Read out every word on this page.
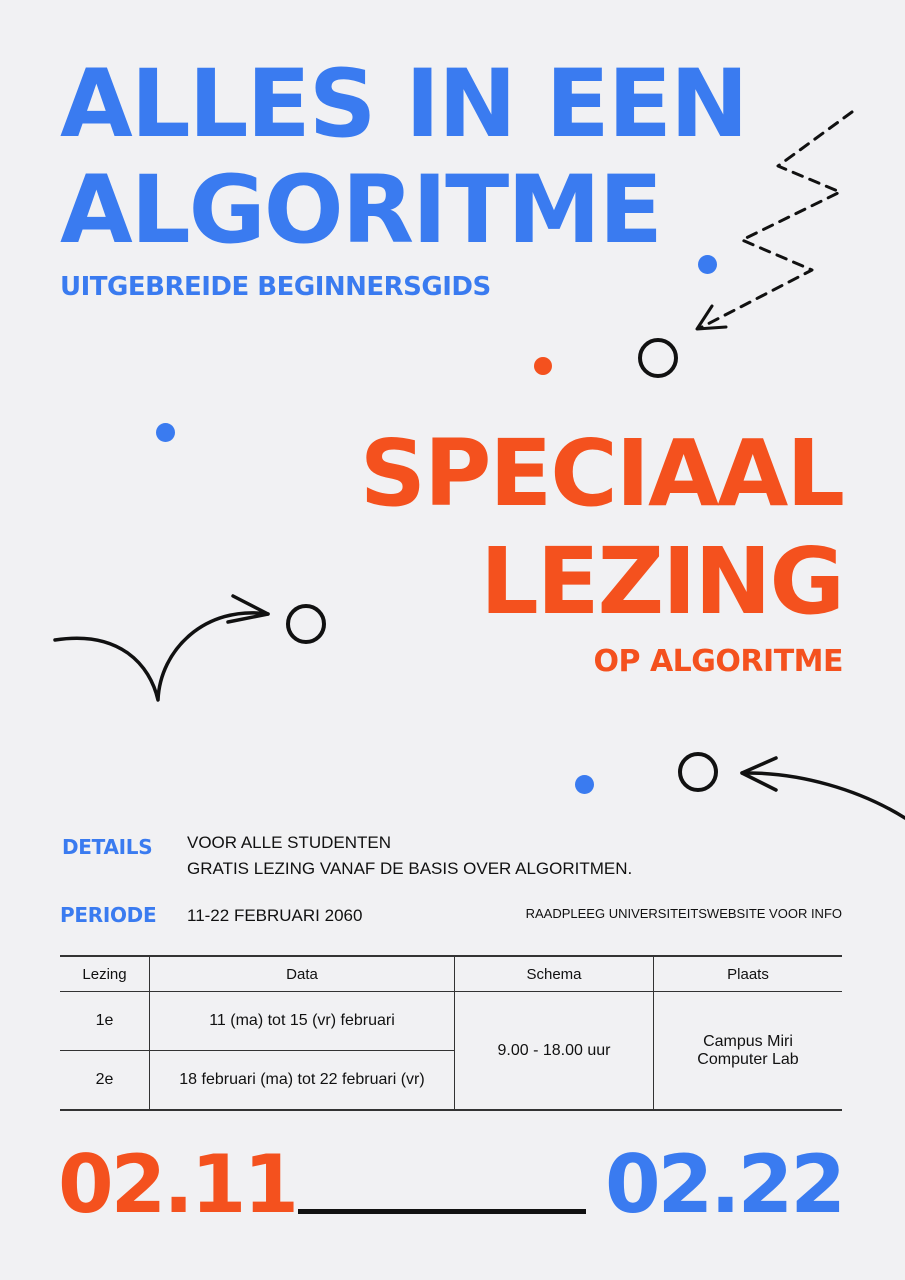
ALLES IN EEN
ALGORITME

UITGEBREIDE BEGINNERSGIDS

SPECIAAL
LEZING

OP ALGORITME

DETAILS VOOR ALLE STUDENTEN
GRATIS LEZING VANAF DE BASIS OVER ALGORITMEN.
PERIODE 11-22 FEBRUARI 2060	RAADPLEEG UNIVERSITEITSWEBSITE VOOR INFO
Lezing	Data	Schema	Plaats
1e	11 (ma) tot 15 (vr) februari	9.00 - 18.00 uur	Campus Miri
Computer Lab

2e	18 februari (ma) tot 22 februari (vr)		

02.11	02.22
